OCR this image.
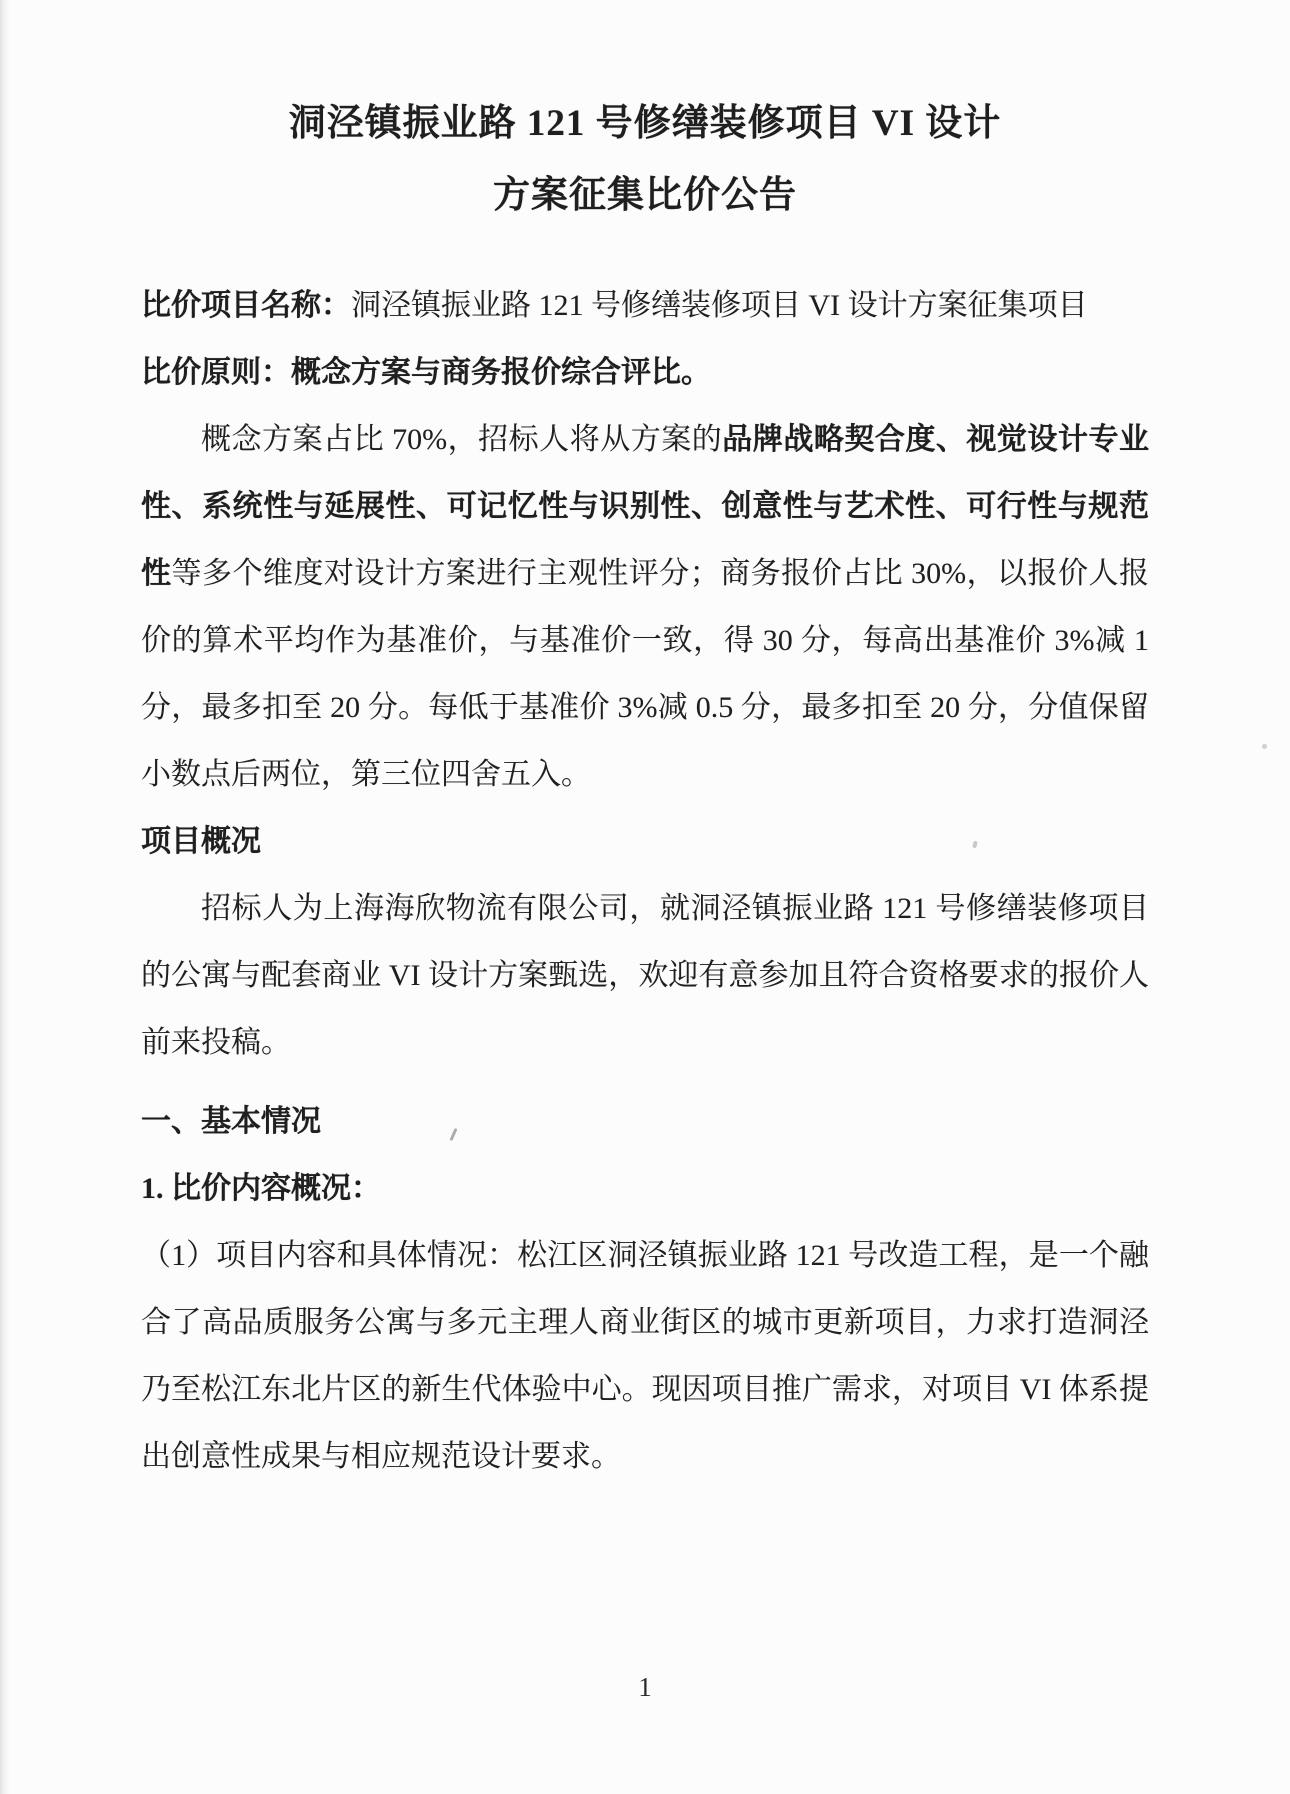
洞泾镇振业路 121 号修缮装修项目 VI 设计
方案征集比价公告

比价项目名称：洞泾镇振业路 121 号修缮装修项目 VI 设计方案征集项目

比价原则：概念方案与商务报价综合评比。

概念方案占比 70%，招标人将从方案的品牌战略契合度、视觉设计专业性、系统性与延展性、可记忆性与识别性、创意性与艺术性、可行性与规范性等多个维度对设计方案进行主观性评分；商务报价占比 30%，以报价人报价的算术平均作为基准价，与基准价一致，得 30 分，每高出基准价 3%减 1 分，最多扣至 20 分。每低于基准价 3%减 0.5 分，最多扣至 20 分，分值保留小数点后两位，第三位四舍五入。

项目概况

招标人为上海海欣物流有限公司，就洞泾镇振业路 121 号修缮装修项目的公寓与配套商业 VI 设计方案甄选，欢迎有意参加且符合资格要求的报价人前来投稿。

一、基本情况

1. 比价内容概况：

（1）项目内容和具体情况：松江区洞泾镇振业路 121 号改造工程，是一个融合了高品质服务公寓与多元主理人商业街区的城市更新项目，力求打造洞泾乃至松江东北片区的新生代体验中心。现因项目推广需求，对项目 VI 体系提出创意性成果与相应规范设计要求。

1
